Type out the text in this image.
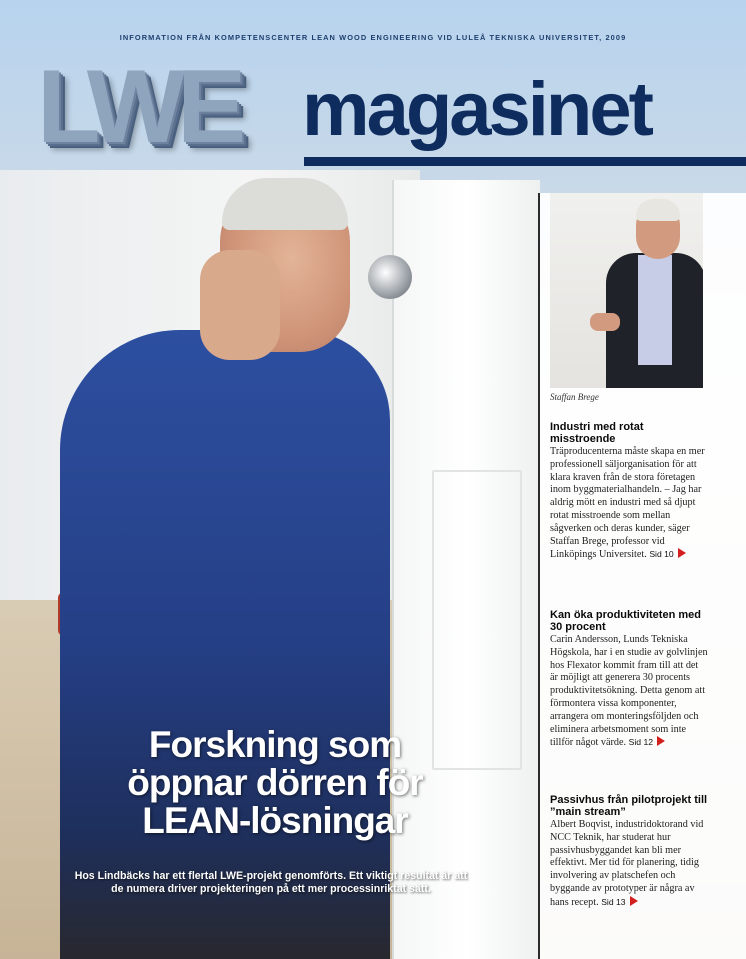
INFORMATION FRÅN KOMPETENSCENTER LEAN WOOD ENGINEERING VID LULEÅ TEKNISKA UNIVERSITET, 2009
LWE magasinet
Staffan Brege
Industri med rotat misstroende

Träproducenterna måste skapa en mer professionell säljorganisation för att klara kraven från de stora företagen inom byggmaterialhandeln. – Jag har aldrig mött en industri med så djupt rotat misstroende som mellan sågverken och deras kunder, säger Staffan Brege, professor vid Linköpings Universitet. Sid 10

Kan öka produktiviteten med 30 procent

Carin Andersson, Lunds Tekniska Högskola, har i en studie av golvlinjen hos Flexator kommit fram till att det är möjligt att generera 30 procents produktivitetsökning. Detta genom att förmontera vissa komponenter, arrangera om monteringsföljden och eliminera arbetsmoment som inte tillför något värde. Sid 12

Passivhus från pilotprojekt till ”main stream”

Albert Boqvist, industridoktorand vid NCC Teknik, har studerat hur passivhusbyggandet kan bli mer effektivt. Mer tid för planering, tidig involvering av platschefen och byggande av prototyper är några av hans recept. Sid 13

Forskning som
öppnar dörren för
LEAN-lösningar
Hos Lindbäcks har ett flertal LWE-projekt genomförts. Ett viktigt resultat är att
de numera driver projekteringen på ett mer processinriktat sätt.
